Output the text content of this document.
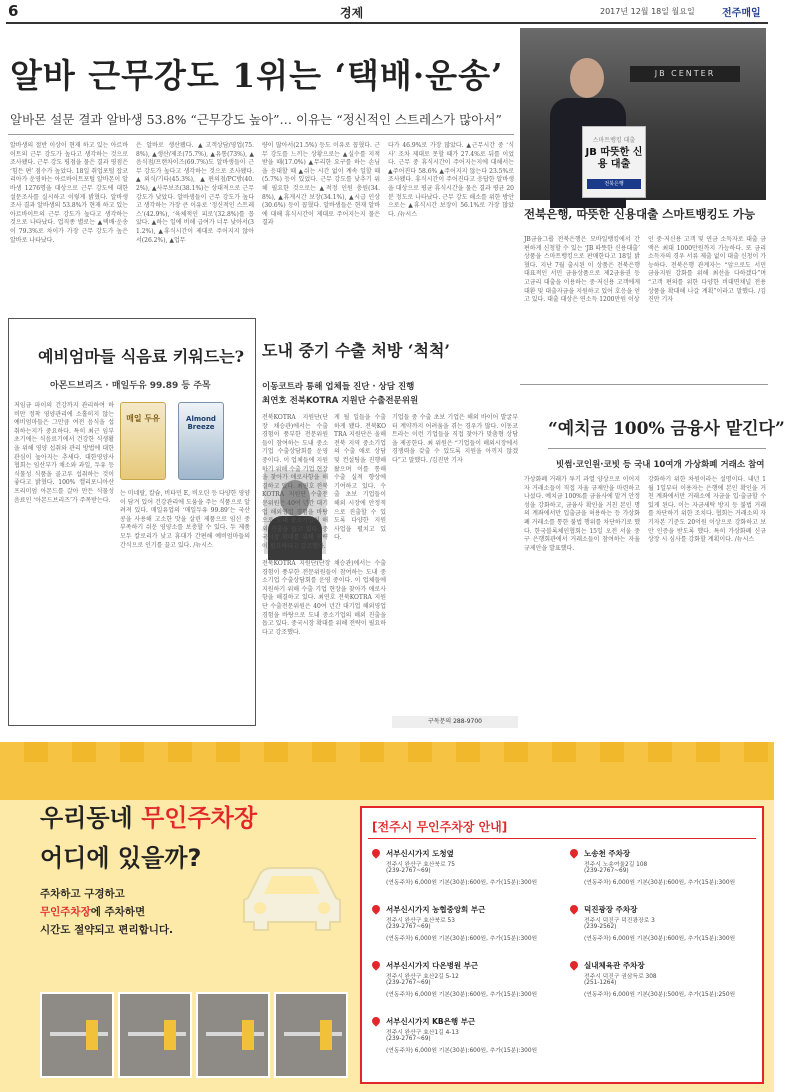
6	경제	2017년 12월 18일 월요일	전주매일
알바 근무강도 1위는 ‘택배·운송’
알바몬 설문 결과 알바생 53.8% “근무강도 높아”… 이유는 “정신적인 스트레스가 많아서”
알바생의 절반 이상이 현재 하고 있는 아르바이트의 근무 강도가 높다고 생각하는 것으로 조사됐다. 근무 강도 평점을 물은 결과 평점은 ‘힘든 편’ 점수가 높았다. 18일 취업포털 잡코리아가 운영하는 아르바이트포털 알바몬이 알바생 1276명을 대상으로 근무 강도에 대한 설문조사를 실시하고 이렇게 밝혔다. 알바생 조사 결과 알바생의 53.8%가 현재 하고 있는 아르바이트의 근무 강도가 높다고 생각하는 것으로 나타났다. 업직종 별로는 ▲택배·운송이 79.3%로 차이가 가장 근무 강도가 높은 알바로 나타났다.
은 알바로 생산됐다. ▲고객상담/영업(75.8%), ▲생산/제조(75.7%), ▲유통(73%), ▲음식점/프랜차이즈(69.7%)도 알바생들이 근무 강도가 높다고 생각하는 것으로 조사됐다. ▲외식/기타(45.3%), ▲편의점/PC방(40.2%), ▲사무보조(38.1%)는 상대적으로 근무 강도가 낮았다. 알바생들이 근무 강도가 높다고 생각하는 가장 큰 이유로 ‘정신적인 스트레스’(42.9%), ‘육체적인 피로’(32.8%)를 꼽았다. ▲하는 일에 비해 급여가 너무 낮아서(31.2%), ▲휴식시간이 제대로 주어지지 않아서(26.2%), ▲업무
량이 많아서(21.5%) 등도 이유로 꼽혔다. 근무 강도를 느끼는 상황으로는 ▲실수를 지적받을 때(17.0%) ▲무리한 요구를 하는 손님을 응대할 때 ▲쉬는 시간 없이 계속 일할 때(5.7%) 등이 있었다. 근무 강도를 낮추기 위해 필요한 것으로는 ▲적정 인원 충원(34.8%), ▲휴게시간 보장(34.1%), ▲시급 인상(30.6%) 등이 꼽혔다. 알바생들은 현재 알바에 대해 휴식시간이 제대로 주어지는지 물은 결과
다가 46.9%로 가장 많았다. ▲근무시간 중 ‘식사’ 조차 제대로 못할 때가 27.4%로 뒤를 이었다. 근무 중 휴식시간이 주어지는지에 대해서는 ▲주어진다 58.6% ▲주어지지 않는다 23.5%로 조사됐다. 휴식시간이 주어진다고 응답한 알바생을 대상으로 평균 휴식시간을 물은 결과 평균 20분 정도로 나타났다. 근무 강도 해소를 위한 방안으로는 ▲휴식시간 보장이 56.1%로 가장 많았다. /뉴시스
JB CENTER
스마트뱅킹 대출
JB 따뜻한 신용 대출
전북은행
전북은행, 따뜻한 신용대출 스마트뱅킹도 가능
JB금융그룹 전북은행은 모바일뱅킹에서 간편하게 신청할 수 있는 ‘JB 따뜻한 신용대출’ 상품을 스마트뱅킹으로 판매한다고 18일 밝혔다. 지난 7월 출시된 이 상품은 전북은행 대표적인 서민 금융상품으로 제2금융권 등 고금리 대출을 이용하는 중·저신용 고객에게 대환 및 대출자금을 지원하고 있어 호응을 얻고 있다. 대출 대상은 연소득 1200만원 이상
인 중·저신용 고객 및 연금 소득자로 대출 금액은 최대 1000만원까지 가능하다. 또 금리 소득자의 경우 서류 제출 없이 대출 신청이 가능하다. 전북은행 관계자는 “앞으로도 서민 금융지원 강화를 위해 최선을 다하겠다”며 “고객 편의를 위한 다양한 비대면채널 전용 상품을 확대해 나갈 계획”이라고 말했다. /김진만 기자
예비엄마들 식음료 키워드는?
아몬드브리즈 · 매일두유 99.89 등 주목
저임금 파이의 건강까지 관리하여 하비만 정착 영양관리에 소홀히지 않는 예비엄마들은 그만큼 여전 음식을 섭취하는지가 중요하다. 특히 최근 임부 초기에는 식음료기에서 건강한 식생활을 위해 영양 섭취와 관리 방법에 대한 관심이 높아지는 추세다. 대한영양사협회는 임산부가 채소와 과일, 두유 등 식물성 식품을 골고루 섭취하는 것이 좋다고 밝혔다. 100% 캘리포니아산 프리미엄 아몬드를 갈아 만든 식물성 음료인 ‘아몬드브리즈’가 주목받는다.
매일 두유	Almond Breeze
는 미네랄, 칼슘, 비타민 E, 비오틴 등 다양한 영양이 담겨 있어 건강관리에 도움을 주는 식품으로 알려져 있다. 매일유업의 ‘매일두유 99.89’는 국산 콩을 사용해 고소한 맛을 살린 제품으로 임신 중 부족하기 쉬운 영양소를 보충할 수 있다. 두 제품 모두 칼로리가 낮고 휴대가 간편해 예비엄마들의 간식으로 인기를 끌고 있다. /뉴시스
도내 중기 수출 처방 ‘척척’
이동코트라 통해 업체들 진단 · 상담 진행
최연호 전북KOTRA 지원단 수출전문위원
전북KOTRA 지원단(단장 채승관)에서는 수출 경험이 풍부한 전문위원들이 참여하는 도내 중소기업 수출상담회를 운영 중이다. 이 업체들에 지원하기 위해 수출 기업 현장을 찾아가 애로사항을 해결하고 있다. 최연호 전북KOTRA 지원단 수출전문위원은 40여 년간 대기업 해외영업 경험을 바탕으로 도내 중소기업의 해외 진출을 돕고 있다. 중국시장 확대를 위해 전략이 필요하다고 강조했다.
전북KOTRA 지원단(단장 채승관)에서는 수출 경험이 풍부한 전문위원들이 참여하는 도내 중소기업 수출상담회를 운영 중이다. 이 업체들에 지원하기 위해 수출 기업 현장을 찾아가 애로사항을 해결하고 있다. 최연호 전북KOTRA 지원단 수출전문위원은 40여 년간 대기업 해외영업 경험을 바탕으로 도내 중소기업의 해외 진출을 돕고 있다. 중국시장 확대를 위해 전략이 필요하다고 강조했다.
게 될 일들을 수출하게 됐다. 전북KOTRA 지원단은 올해 전북 지역 중소기업의 수출 애로 상담 및 컨설팅을 진행해 왔으며 이를 통해 수출 실적 향상에 기여하고 있다. 수출 초보 기업들이 해외 시장에 안정적으로 진출할 수 있도록 다양한 지원 사업을 펼치고 있다.
기업들 중 수출 초보 기업은 해외 바이어 발굴부터 계약까지 어려움을 겪는 경우가 많다. 이동코트라는 이런 기업들을 직접 찾아가 맞춤형 상담을 제공한다. 최 위원은 “기업들이 해외시장에서 경쟁력을 갖출 수 있도록 지원을 아끼지 않겠다”고 말했다. /김진만 기자
구독문의 288-9700
“예치금 100% 금융사 맡긴다”
빗썸·코인원·코빗 등 국내 10여개 가상화폐 거래소 참여
가상화폐 거래가 투기 과열 양상으로 이어지자 거래소들이 직접 자율 규제안을 마련하고 나섰다. 예치금 100%를 금융사에 맡겨 안정성을 강화하고, 금융사 확인을 거친 본인 명의 계좌에서만 입출금을 허용하는 등 가상화폐 거래소를 통한 불법 행위를 차단하기로 했다. 한국블록체인협회는 15일 오전 서울 중구 은행회관에서 거래소들이 참여하는 자율규제안을 발표했다.
강화하기 위한 차원이라는 설명이다. 내년 1월 1일부터 이용자는 은행에 본인 확인을 거친 계좌에서만 거래소에 자금을 입·출금할 수 있게 된다. 이는 자금세탁 방지 등 불법 거래를 차단하기 위한 조치다. 협회는 거래소의 자기자본 기준도 20억원 이상으로 강화하고 보안 인증을 받도록 했다. 특히 가상화폐 신규 상장 시 심사를 강화할 계획이다. /뉴시스
우리동네 무인주차장
어디에 있을까?
주차하고 구경하고
무인주차장에 주차하면
시간도 절약되고 편리합니다.
[전주시 무인주차장 안내]
서부신시가지 도청옆
전주시 완산구 효산북로 75
(239-2767~69)
(연동주차) 6,000원 기본(30분):600원, 추가(15분):300원
서부신시가지 농협중앙회 부근
전주시 완산구 효산북로 53
(239-2767~69)
(연동주차) 6,000원 기본(30분):600원, 추가(15분):300원
서부신시가지 다온병원 부근
전주시 완산구 효산2길 5-12
(239-2767~69)
(연동주차) 6,000원 기본(30분):600원, 추가(15분):300원
서부신시가지 KB은행 부근
전주시 완산구 효산1길 4-13
(239-2767~69)
(연동주차) 6,000원 기본(30분):600원, 추가(15분):300원
노송천 주차장
전주시 노송여울2길 108
(239-2767~69)
(연동주차) 6,000원 기본(30분):600원, 추가(15분):300원
덕진광장 주차장
전주시 덕진구 덕진광장로 3
(239-2562)
(연동주차) 6,000원 기본(30분):600원, 추가(15분):300원
실내체육관 주차장
전주시 덕진구 권삼득로 308
(251-1264)
(연동주차) 6,000원 기본(30분):500원, 추가(15분):250원
